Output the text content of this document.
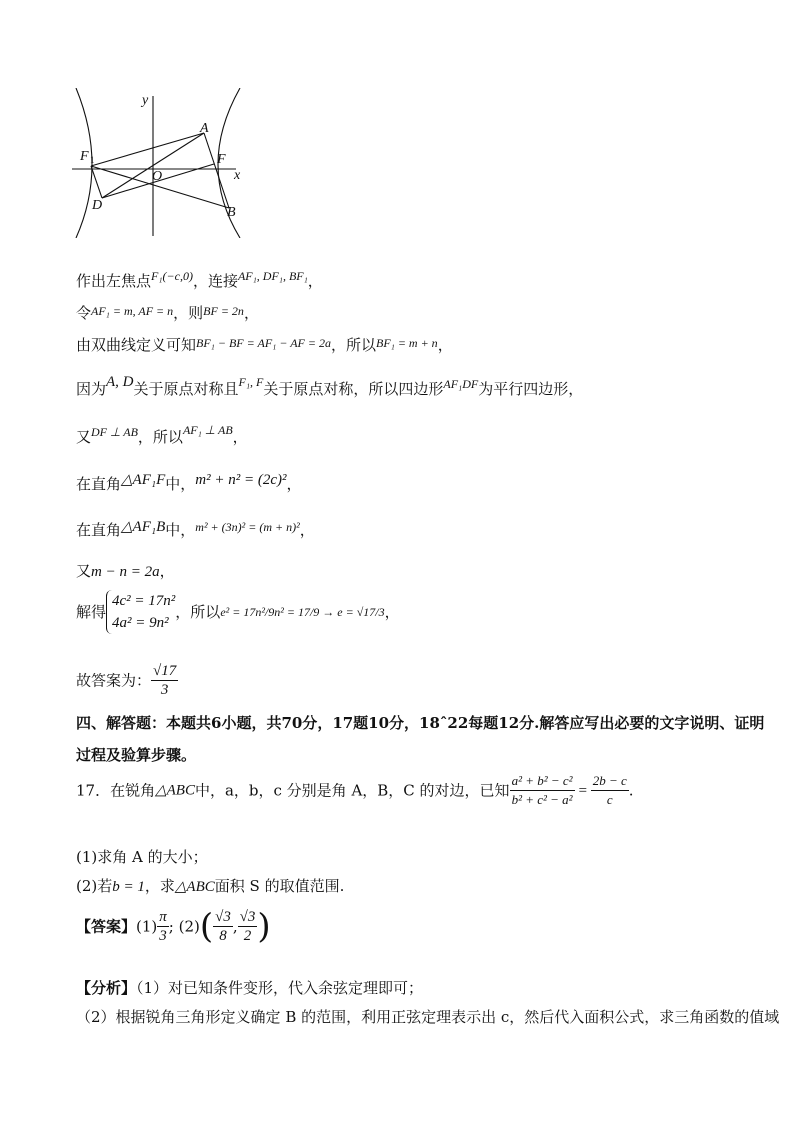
y
x
O
F 1	F
A
B
D
作出左焦点$^{F_1(-c,0)}$，连接$^{AF_1, DF_1, BF_1}$，
令$^{AF_1 = m, AF = n}$，则$^{BF = 2n}$，
由双曲线定义可知$^{BF_1 - BF = AF_1 - AF = 2a}$，所以$^{BF_1 = m + n}$，
因为A, D关于原点对称且$^{F_1, F}$关于原点对称，所以四边形$^{AF_1DF}$为平行四边形，
又$^{DF \perp AB}$，所以$^{AF_1 \perp AB}$，
在直角△AF₁F中，m² + n² = (2c)²，
在直角△AF₁B中，$^{m^2 + (3n)^2 = (m + n)^2}$，
又m − n = 2a，
解得
4c² = 17n²
4a² = 9n²
，所以e² = 17n²/9n² = 17/9 → e = √17/3，
故答案为： $\frac{√17}{3}$
四、解答题：本题共6小题，共70分，17题10分，18ˆ22每题12分.解答应写出必要的文字说明、证明
过程及验算步骤。
17．在锐角△ABC中，a，b，c 分别是角 A，B，C 的对边，已知 $\frac{\text{a² + b² − c²}}{\text{b² + c² − a²}} = \frac{2b - c}{c}$ .
(1)求角 A 的大小；
(2)若b = 1，求△ABC面积 S 的取值范围.
【答案】$(1) \frac{\pi}{3}$ ; $(2)( \frac{√3}{8}$ , $\frac{√3}{2}$ )
【分析】（1）对已知条件变形，代入余弦定理即可；
（2）根据锐角三角形定义确定 B 的范围，利用正弦定理表示出 c，然后代入面积公式，求三角函数的值域
